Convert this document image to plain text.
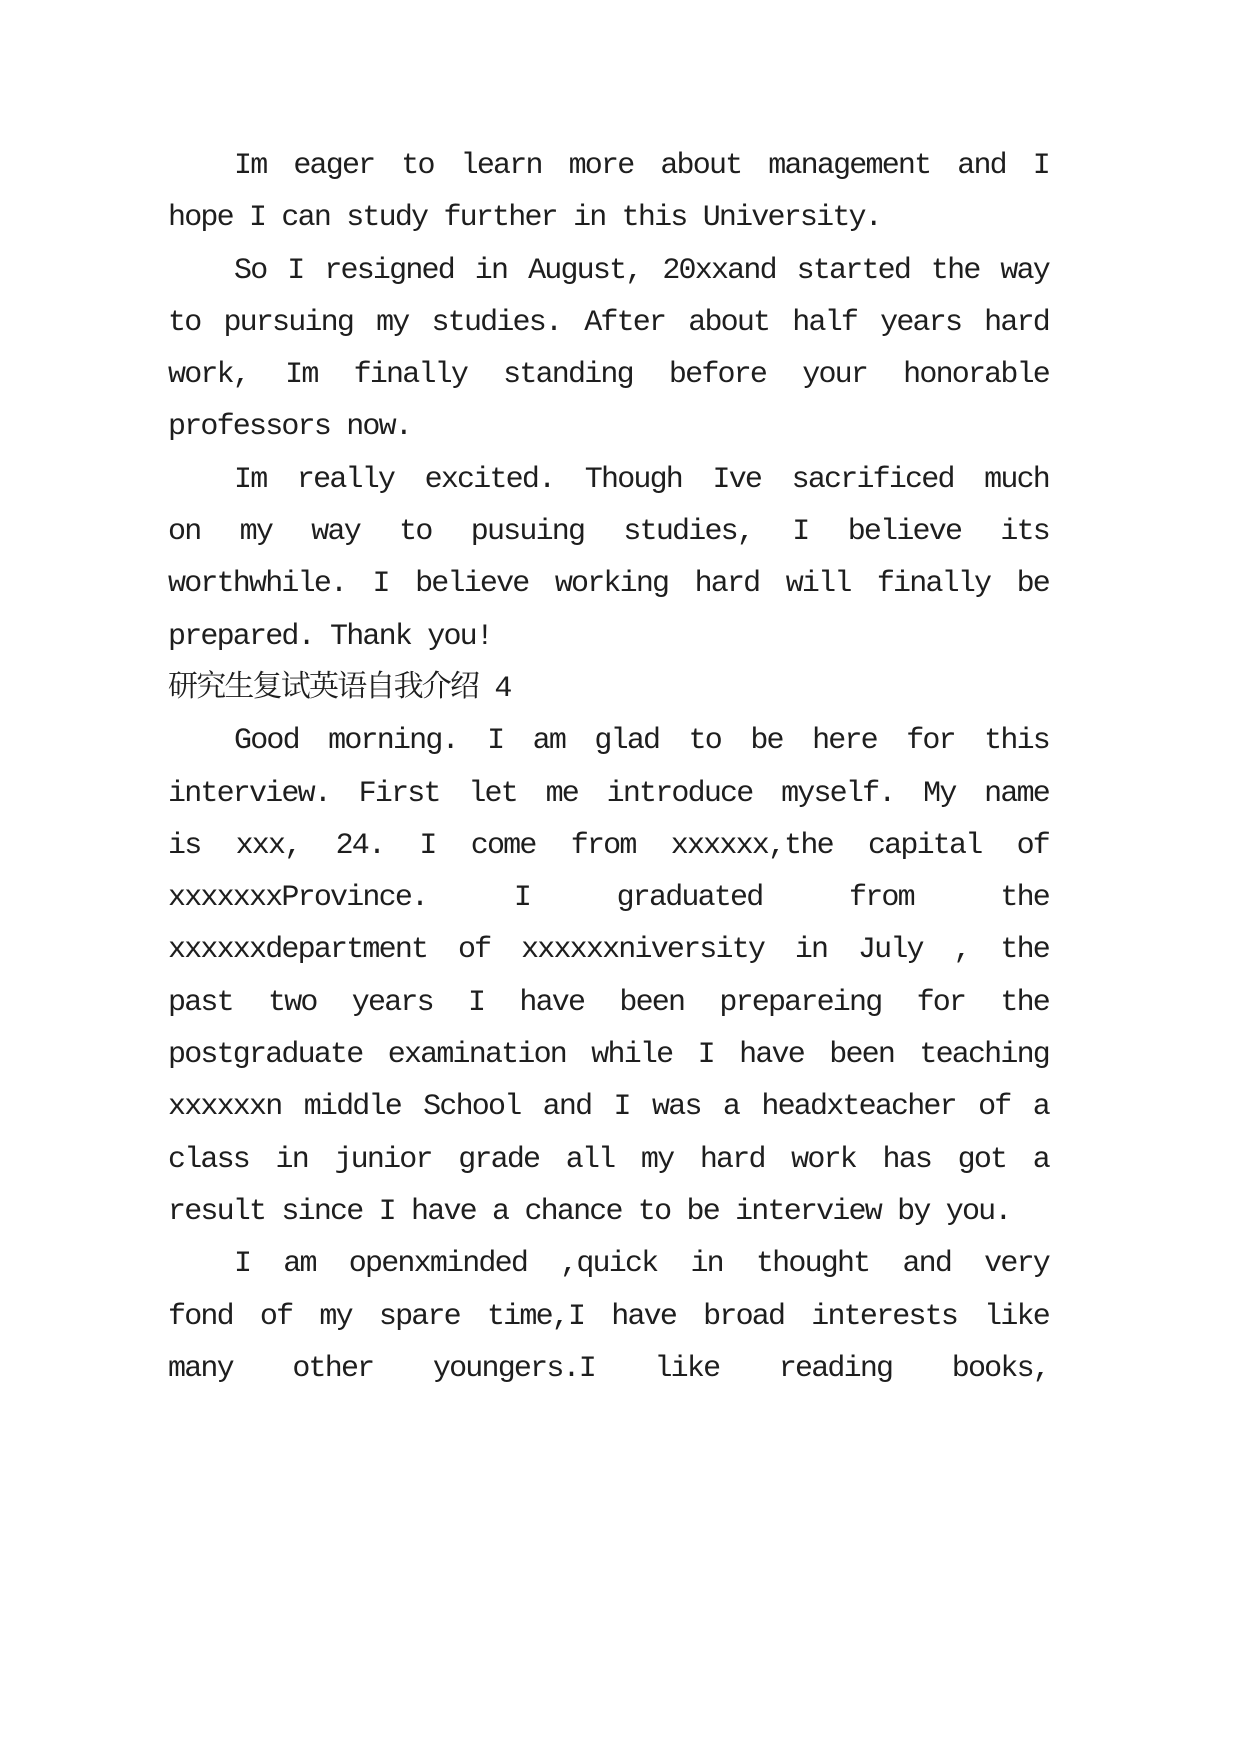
Im eager to learn more about management and I
hope I can study further in this University.
So I resigned in August, 20xxand started the way
to pursuing my studies. After about half years hard
work, Im finally standing before your honorable
professors now.
Im really excited. Though Ive sacrificed much
on my way to pusuing studies, I believe its
worthwhile. I believe working hard will finally be
prepared. Thank you!
研究生复试英语自我介绍 4
Good morning. I am glad to be here for this
interview. First let me introduce myself. My name
is xxx, 24. I come from xxxxxx,the capital of
xxxxxxxProvince. I graduated from the
xxxxxxdepartment of xxxxxxniversity in July , the
past two years I have been prepareing for the
postgraduate examination while I have been teaching
xxxxxxn middle School and I was a headxteacher of a
class in junior grade all my hard work has got a
result since I have a chance to be interview by you.
I am openxminded ,quick in thought and very
fond of my spare time,I have broad interests like
many other youngers.I like reading books,
